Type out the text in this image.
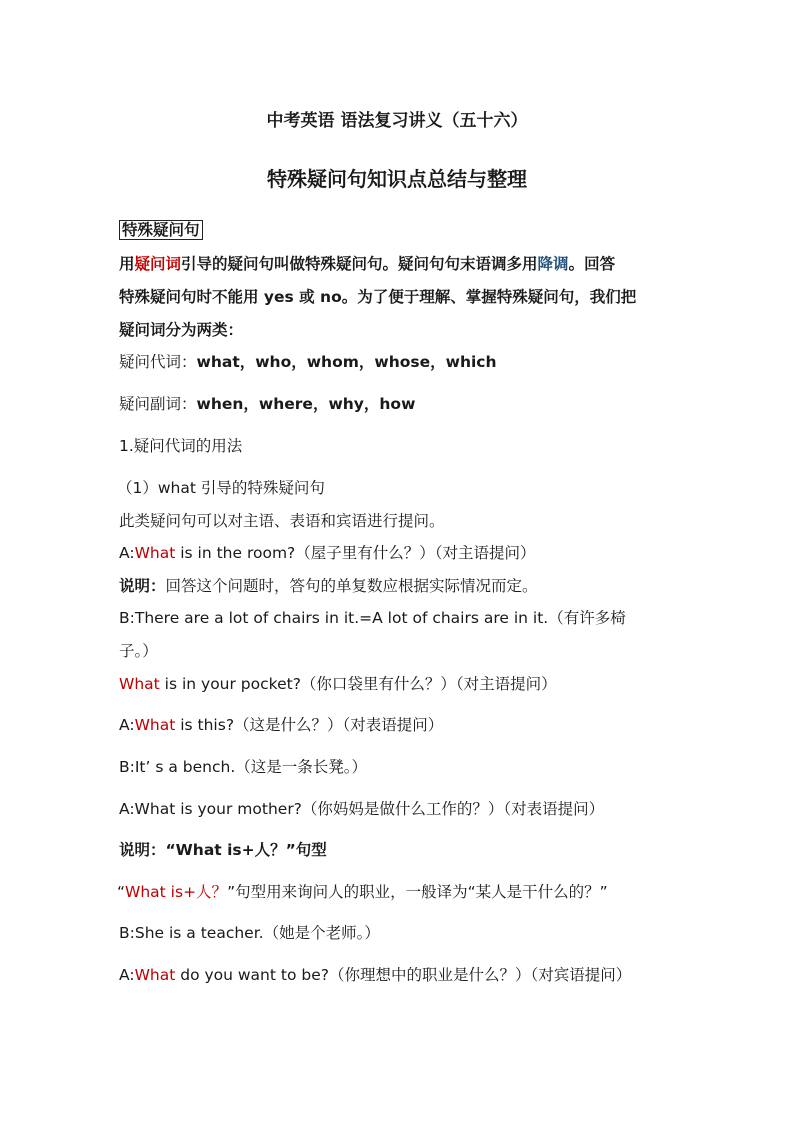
中考英语 语法复习讲义（五十六）

特殊疑问句知识点总结与整理

特殊疑问句

用疑问词引导的疑问句叫做特殊疑问句。疑问句句末语调多用降调。回答

特殊疑问句时不能用 yes 或 no。为了便于理解、掌握特殊疑问句，我们把

疑问词分为两类：

疑问代词：what，who，whom，whose，which

疑问副词：when，where，why，how

1.疑问代词的用法

（1）what 引导的特殊疑问句

此类疑问句可以对主语、表语和宾语进行提问。

A:What is in the room?（屋子里有什么？）（对主语提问）

说明：回答这个问题时，答句的单复数应根据实际情况而定。

B:There are a lot of chairs in it.=A lot of chairs are in it.（有许多椅

子。）

What is in your pocket?（你口袋里有什么？）（对主语提问）

A:What is this?（这是什么？）（对表语提问）

B:It’ s a bench.（这是一条长凳。）

A:What is your mother?（你妈妈是做什么工作的？）（对表语提问）

说明：“What is+人？”句型

“What is+人？”句型用来询问人的职业，一般译为“某人是干什么的？”

B:She is a teacher.（她是个老师。）

A:What do you want to be?（你理想中的职业是什么？）（对宾语提问）
